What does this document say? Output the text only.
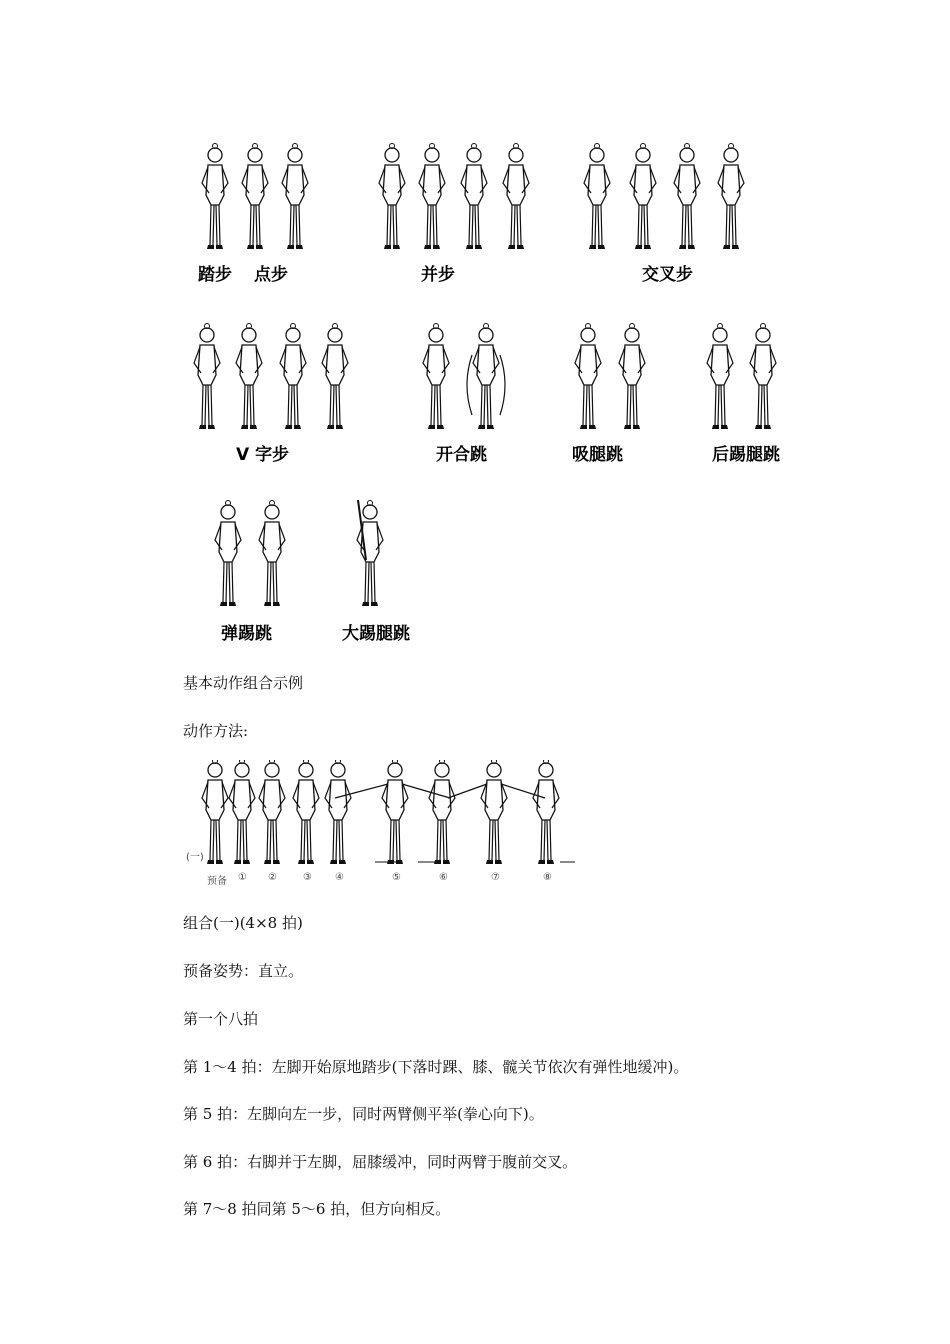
踏步 点步	并步	交叉步
V 字步	开合跳	吸腿跳	后踢腿跳
弹踢跳	大踢腿跳
基本动作组合示例
动作方法:
(一)
预备 ① ②	③ ④	⑤	⑥	⑦	⑧
组合(一)(4×8 拍)
预备姿势：直立。
第一个八拍
第 1～4 拍：左脚开始原地踏步(下落时踝、膝、髋关节依次有弹性地缓冲)。
第 5 拍：左脚向左一步，同时两臂侧平举(拳心向下)。
第 6 拍：右脚并于左脚，屈膝缓冲，同时两臂于腹前交叉。
第 7～8 拍同第 5～6 拍，但方向相反。
